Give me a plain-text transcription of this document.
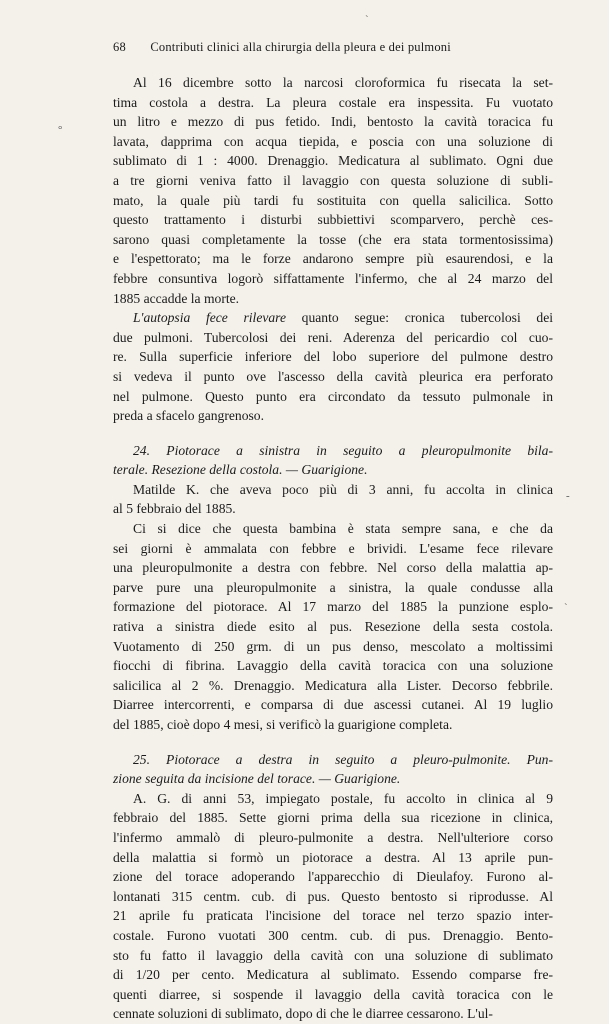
68 Contributi clinici alla chirurgia della pleura e dei pulmoni
`
°
-
`
Al 16 dicembre sotto la narcosi cloroformica fu risecata la set-
tima costola a destra. La pleura costale era inspessita. Fu vuotato
un litro e mezzo di pus fetido. Indi, bentosto la cavità toracica fu
lavata, dapprima con acqua tiepida, e poscia con una soluzione di
sublimato di 1 : 4000. Drenaggio. Medicatura al sublimato. Ogni due
a tre giorni veniva fatto il lavaggio con questa soluzione di subli-
mato, la quale più tardi fu sostituita con quella salicilica. Sotto
questo trattamento i disturbi subbiettivi scomparvero, perchè ces-
sarono quasi completamente la tosse (che era stata tormentosissima)
e l'espettorato; ma le forze andarono sempre più esaurendosi, e la
febbre consuntiva logorò siffattamente l'infermo, che al 24 marzo del
1885 accadde la morte.
L'autopsia fece rilevare quanto segue: cronica tubercolosi dei
due pulmoni. Tubercolosi dei reni. Aderenza del pericardio col cuo-
re. Sulla superficie inferiore del lobo superiore del pulmone destro
si vedeva il punto ove l'ascesso della cavità pleurica era perforato
nel pulmone. Questo punto era circondato da tessuto pulmonale in
preda a sfacelo gangrenoso.
24. Piotorace a sinistra in seguito a pleuropulmonite bila-
terale. Resezione della costola. — Guarigione.
Matilde K. che aveva poco più di 3 anni, fu accolta in clinica
al 5 febbraio del 1885.
Ci si dice che questa bambina è stata sempre sana, e che da
sei giorni è ammalata con febbre e brividi. L'esame fece rilevare
una pleuropulmonite a destra con febbre. Nel corso della malattia ap-
parve pure una pleuropulmonite a sinistra, la quale condusse alla
formazione del piotorace. Al 17 marzo del 1885 la punzione esplo-
rativa a sinistra diede esito al pus. Resezione della sesta costola.
Vuotamento di 250 grm. di un pus denso, mescolato a moltissimi
fiocchi di fibrina. Lavaggio della cavità toracica con una soluzione
salicilica al 2 %. Drenaggio. Medicatura alla Lister. Decorso febbrile.
Diarree intercorrenti, e comparsa di due ascessi cutanei. Al 19 luglio
del 1885, cioè dopo 4 mesi, si verificò la guarigione completa.
25. Piotorace a destra in seguito a pleuro-pulmonite. Pun-
zione seguita da incisione del torace. — Guarigione.
A. G. di anni 53, impiegato postale, fu accolto in clinica al 9
febbraio del 1885. Sette giorni prima della sua ricezione in clinica,
l'infermo ammalò di pleuro-pulmonite a destra. Nell'ulteriore corso
della malattia si formò un piotorace a destra. Al 13 aprile pun-
zione del torace adoperando l'apparecchio di Dieulafoy. Furono al-
lontanati 315 centm. cub. di pus. Questo bentosto si riprodusse. Al
21 aprile fu praticata l'incisione del torace nel terzo spazio inter-
costale. Furono vuotati 300 centm. cub. di pus. Drenaggio. Bento-
sto fu fatto il lavaggio della cavità con una soluzione di sublimato
di 1/20 per cento. Medicatura al sublimato. Essendo comparse fre-
quenti diarree, si sospende il lavaggio della cavità toracica con le
cennate soluzioni di sublimato, dopo di che le diarree cessarono. L'ul-
